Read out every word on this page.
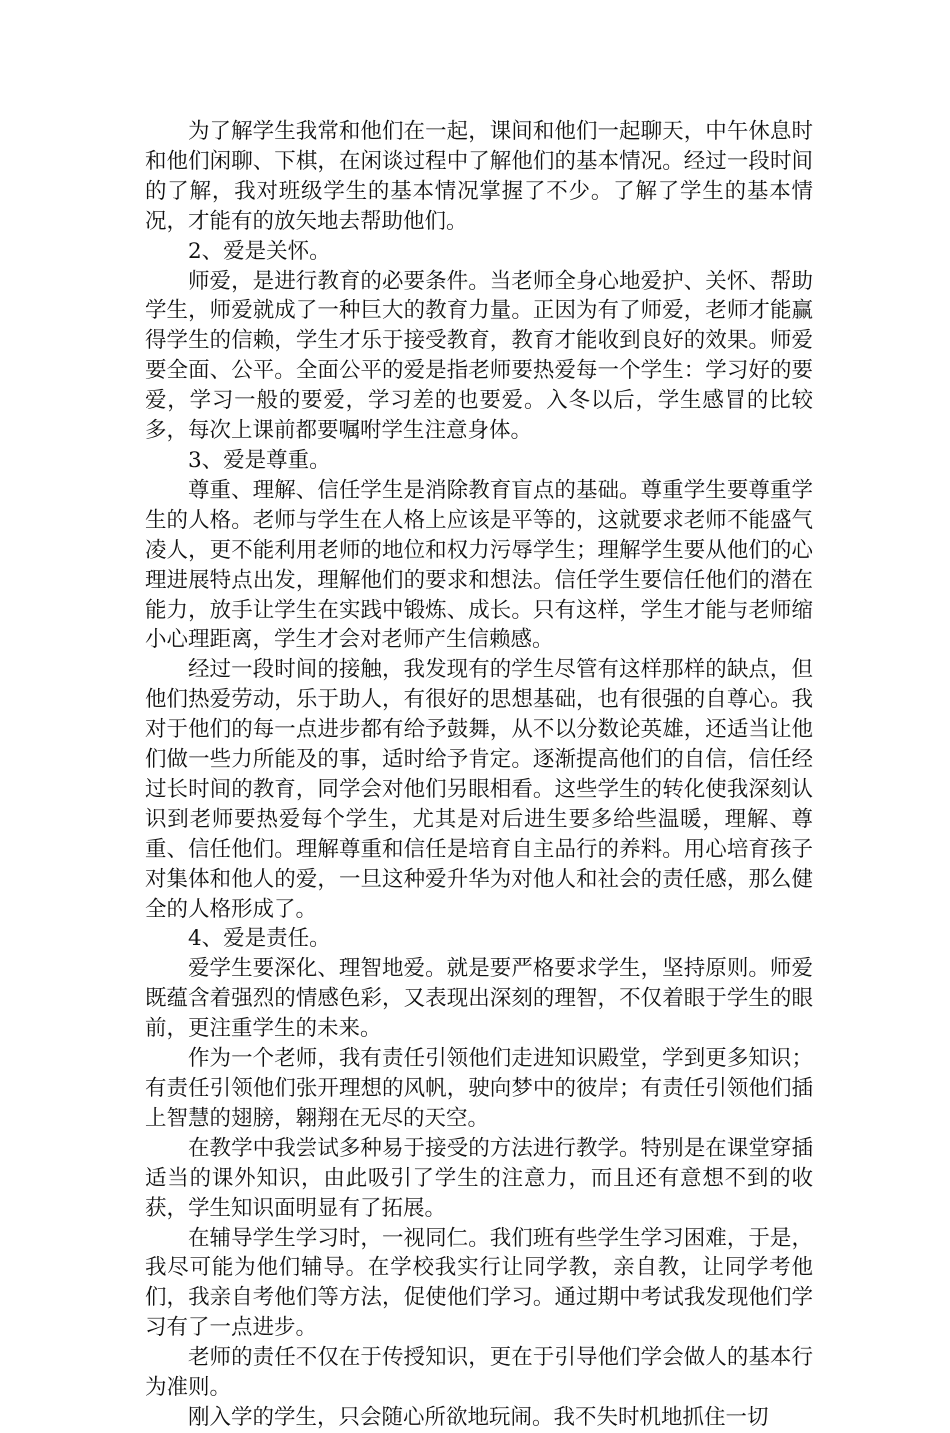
为了解学生我常和他们在一起，课间和他们一起聊天，中午休息时和他们闲聊、下棋，在闲谈过程中了解他们的基本情况。经过一段时间的了解，我对班级学生的基本情况掌握了不少。了解了学生的基本情况，才能有的放矢地去帮助他们。

2、爱是关怀。

师爱，是进行教育的必要条件。当老师全身心地爱护、关怀、帮助学生，师爱就成了一种巨大的教育力量。正因为有了师爱，老师才能赢得学生的信赖，学生才乐于接受教育，教育才能收到良好的效果。师爱要全面、公平。全面公平的爱是指老师要热爱每一个学生：学习好的要爱，学习一般的要爱，学习差的也要爱。入冬以后，学生感冒的比较多，每次上课前都要嘱咐学生注意身体。

3、爱是尊重。

尊重、理解、信任学生是消除教育盲点的基础。尊重学生要尊重学生的人格。老师与学生在人格上应该是平等的，这就要求老师不能盛气凌人，更不能利用老师的地位和权力污辱学生；理解学生要从他们的心理进展特点出发，理解他们的要求和想法。信任学生要信任他们的潜在能力，放手让学生在实践中锻炼、成长。只有这样，学生才能与老师缩小心理距离，学生才会对老师产生信赖感。

经过一段时间的接触，我发现有的学生尽管有这样那样的缺点，但他们热爱劳动，乐于助人，有很好的思想基础，也有很强的自尊心。我对于他们的每一点进步都有给予鼓舞，从不以分数论英雄，还适当让他们做一些力所能及的事，适时给予肯定。逐渐提高他们的自信，信任经过长时间的教育，同学会对他们另眼相看。这些学生的转化使我深刻认识到老师要热爱每个学生，尤其是对后进生要多给些温暖，理解、尊重、信任他们。理解尊重和信任是培育自主品行的养料。用心培育孩子对集体和他人的爱，一旦这种爱升华为对他人和社会的责任感，那么健全的人格形成了。

4、爱是责任。

爱学生要深化、理智地爱。就是要严格要求学生，坚持原则。师爱既蕴含着强烈的情感色彩，又表现出深刻的理智，不仅着眼于学生的眼前，更注重学生的未来。

作为一个老师，我有责任引领他们走进知识殿堂，学到更多知识；有责任引领他们张开理想的风帆，驶向梦中的彼岸；有责任引领他们插上智慧的翅膀，翱翔在无尽的天空。

在教学中我尝试多种易于接受的方法进行教学。特别是在课堂穿插适当的课外知识，由此吸引了学生的注意力，而且还有意想不到的收获，学生知识面明显有了拓展。

在辅导学生学习时，一视同仁。我们班有些学生学习困难，于是，我尽可能为他们辅导。在学校我实行让同学教，亲自教，让同学考他们，我亲自考他们等方法，促使他们学习。通过期中考试我发现他们学习有了一点进步。

老师的责任不仅在于传授知识，更在于引导他们学会做人的基本行为准则。

刚入学的学生，只会随心所欲地玩闹。我不失时机地抓住一切
